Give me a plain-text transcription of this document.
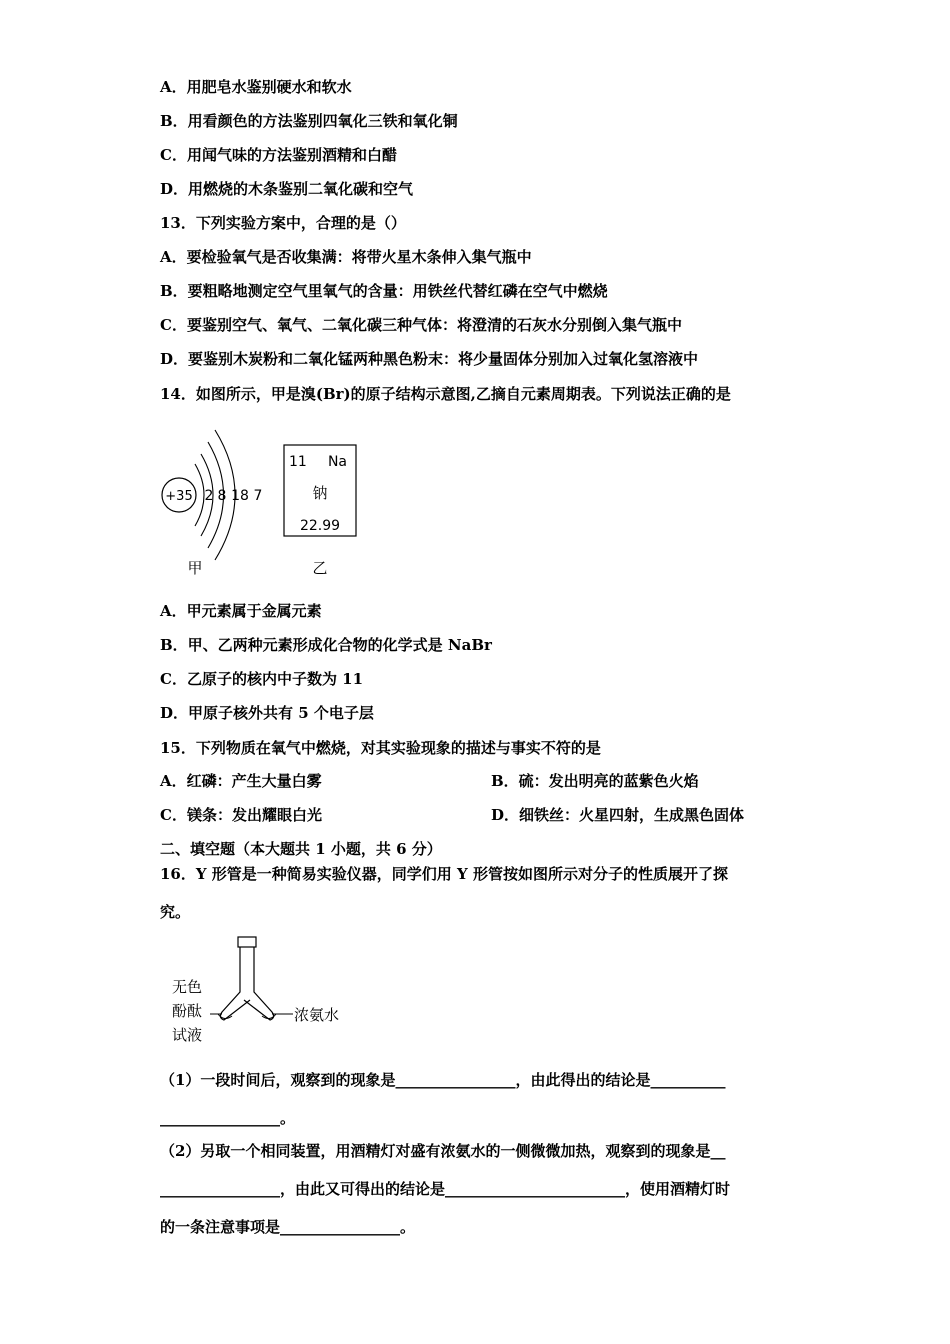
A．用肥皂水鉴别硬水和软水
B．用看颜色的方法鉴别四氧化三铁和氧化铜
C．用闻气味的方法鉴别酒精和白醋
D．用燃烧的木条鉴别二氧化碳和空气
13．下列实验方案中，合理的是（）
A．要检验氧气是否收集满：将带火星木条伸入集气瓶中
B．要粗略地测定空气里氧气的含量：用铁丝代替红磷在空气中燃烧
C．要鉴别空气、氧气、二氧化碳三种气体：将澄清的石灰水分别倒入集气瓶中
D．要鉴别木炭粉和二氧化锰两种黑色粉末：将少量固体分别加入过氧化氢溶液中
14．如图所示，甲是溴(Br)的原子结构示意图,乙摘自元素周期表。下列说法正确的是
+35 2 8 18 7
11 Na
钠
22.99
甲	乙
A．甲元素属于金属元素
B．甲、乙两种元素形成化合物的化学式是 NaBr
C．乙原子的核内中子数为 11
D．甲原子核外共有 5 个电子层
15．下列物质在氧气中燃烧，对其实验现象的描述与事实不符的是
A．红磷：产生大量白雾	B．硫：发出明亮的蓝紫色火焰
C．镁条：发出耀眼白光	D．细铁丝：火星四射，生成黑色固体
二、填空题（本大题共 1 小题，共 6 分）
16．Y 形管是一种简易实验仪器，同学们用 Y 形管按如图所示对分子的性质展开了探
究。
无色
酚酞
试液
浓氨水
（1）一段时间后，观察到的现象是________________，由此得出的结论是__________
________________。
（2）另取一个相同装置，用酒精灯对盛有浓氨水的一侧微微加热，观察到的现象是__
________________，由此又可得出的结论是________________________，使用酒精灯时
的一条注意事项是________________。
